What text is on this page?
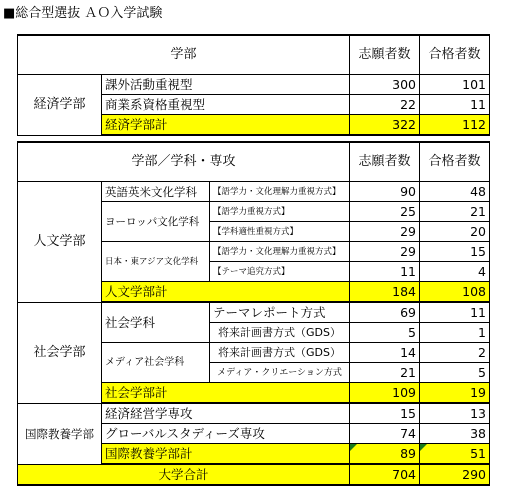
■総合型選抜 ＡＯ入学試験
学部			志願者数	合格者数
経済学部	課外活動重視型		300	101
	商業系資格重視型		22	11
	経済学部計		322	112

学部／学科・専攻			志願者数	合格者数
人文学部	英語英米文化学科	【語学力・文化理解力重視方式】	90	48
	ヨーロッパ文化学科	【語学力重視方式】	25	21
		【学科適性重視方式】	29	20
	日本・東アジア文化学科	【語学力・文化理解力重視方式】	29	15
		【テーマ追究方式】	11	4
	人文学部計		184	108
社会学部	社会学科	テーマレポート方式	69	11
		将来計画書方式（GDS）	5	1
	メディア社会学科	将来計画書方式（GDS）	14	2
		メディア・クリエーション方式	21	5
	社会学部計		109	19
国際教養学部	経済経営学専攻		15	13
	グローバルスタディーズ専攻		74	38
	国際教養学部計		89	51
大学合計			704	290
